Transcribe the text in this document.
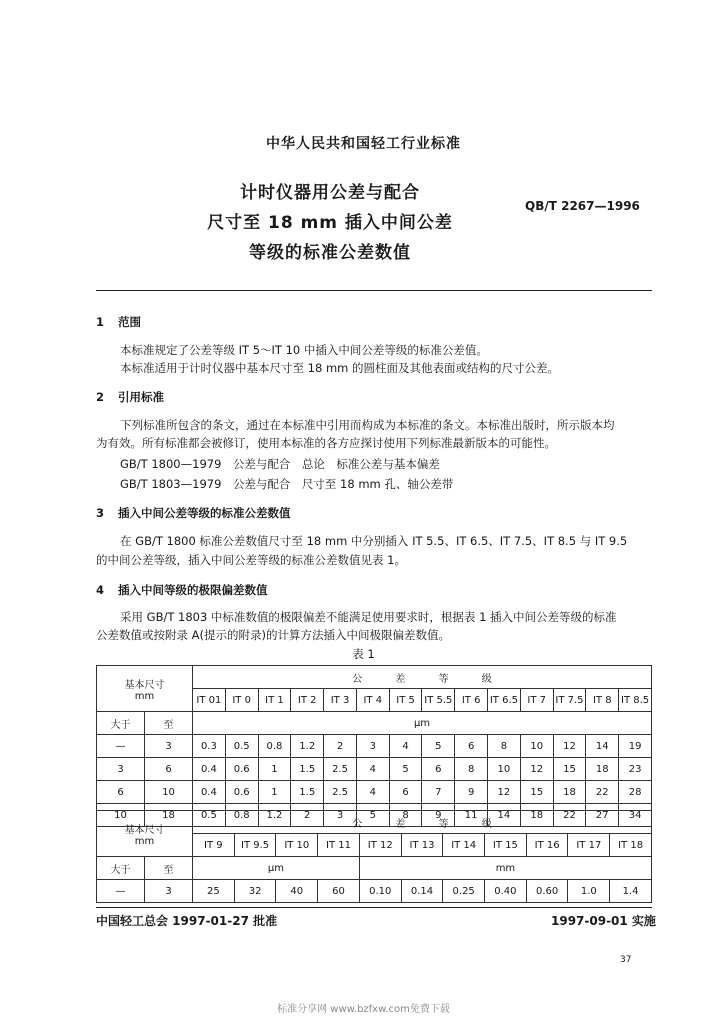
中华人民共和国轻工行业标准
计时仪器用公差与配合
尺寸至 18 mm 插入中间公差
等级的标准公差数值
QB/T 2267—1996
1 范围
本标准规定了公差等级 IT 5～IT 10 中插入中间公差等级的标准公差值。
本标准适用于计时仪器中基本尺寸至 18 mm 的圆柱面及其他表面或结构的尺寸公差。
2 引用标准
下列标准所包含的条文，通过在本标准中引用而构成为本标准的条文。本标准出版时，所示版本均
为有效。所有标准都会被修订，使用本标准的各方应探讨使用下列标准最新版本的可能性。
GB/T 1800—1979　公差与配合　总论　标准公差与基本偏差
GB/T 1803—1979　公差与配合　尺寸至 18 mm 孔、轴公差带
3 插入中间公差等级的标准公差数值
在 GB/T 1800 标准公差数值尺寸至 18 mm 中分别插入 IT 5.5、IT 6.5、IT 7.5、IT 8.5 与 IT 9.5
的中间公差等级，插入中间公差等级的标准公差数值见表 1。
4 插入中间等级的极限偏差数值
采用 GB/T 1803 中标准数值的极限偏差不能满足使用要求时，根据表 1 插入中间公差等级的标准
公差数值或按附录 A(提示的附录)的计算方法插入中间极限偏差数值。
表 1
基本尺寸
mm		公    差    等    级													
		IT 01	IT 0	IT 1	IT 2	IT 3	IT 4	IT 5	IT 5.5	IT 6	IT 6.5	IT 7	IT 7.5	IT 8	IT 8.5
大于	至	μm													
—	3	0.3	0.5	0.8	1.2	2	3	4	5	6	8	10	12	14	19
3	6	0.4	0.6	1	1.5	2.5	4	5	6	8	10	12	15	18	23
6	10	0.4	0.6	1	1.5	2.5	4	6	7	9	12	15	18	22	28
10	18	0.5	0.8	1.2	2	3	5	8	9	11	14	18	22	27	34
基本尺寸
mm		公    差    等    级										
		IT 9	IT 9.5	IT 10	IT 11	IT 12	IT 13	IT 14	IT 15	IT 16	IT 17	IT 18
大于	至	μm				mm						
—	3	25	32	40	60	0.10	0.14	0.25	0.40	0.60	1.0	1.4
中国轻工总会 1997-01-27 批准	1997-09-01 实施
37
标准分享网 www.bzfxw.com免费下载
